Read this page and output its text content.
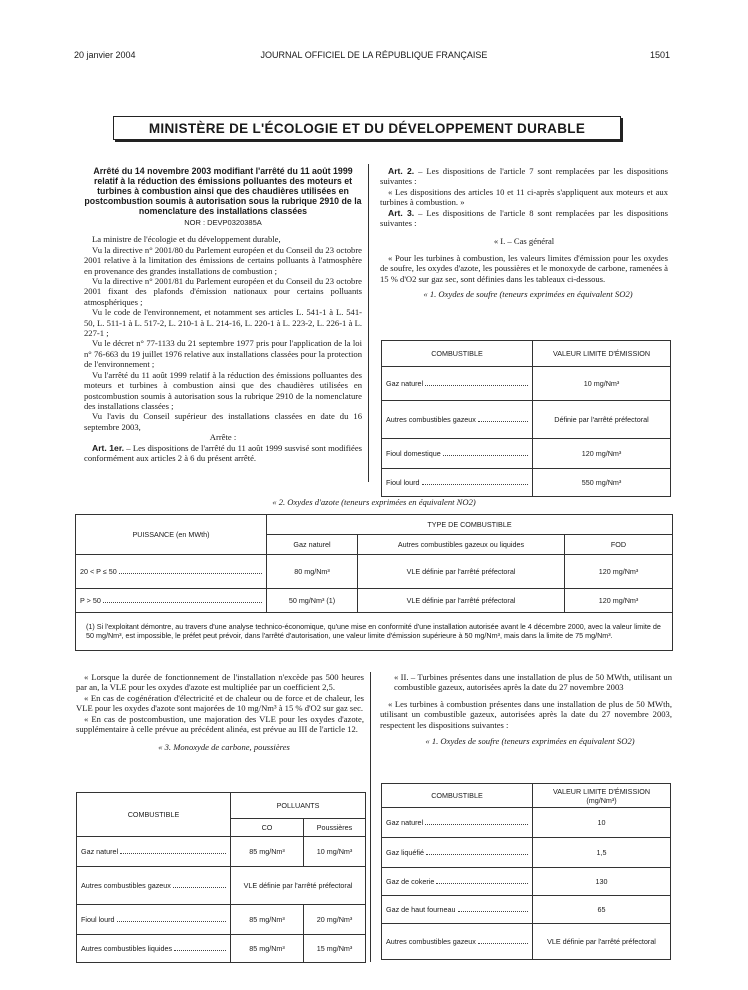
20 janvier 2004	JOURNAL OFFICIEL DE LA RÉPUBLIQUE FRANÇAISE	1501
MINISTÈRE DE L'ÉCOLOGIE ET DU DÉVELOPPEMENT DURABLE
Arrêté du 14 novembre 2003 modifiant l'arrêté du 11 août 1999 relatif à la réduction des émissions polluantes des moteurs et turbines à combustion ainsi que des chaudières utilisées en postcombustion soumis à autorisation sous la rubrique 2910 de la nomenclature des installations classées
NOR : DEVP0320385A

La ministre de l'écologie et du développement durable,

Vu la directive n° 2001/80 du Parlement européen et du Conseil du 23 octobre 2001 relative à la limitation des émissions de certains polluants à l'atmosphère en provenance des grandes installations de combustion ;

Vu la directive n° 2001/81 du Parlement européen et du Conseil du 23 octobre 2001 fixant des plafonds d'émission nationaux pour certains polluants atmosphériques ;

Vu le code de l'environnement, et notamment ses articles L. 541-1 à L. 541-50, L. 511-1 à L. 517-2, L. 210-1 à L. 214-16, L. 220-1 à L. 223-2, L. 226-1 à L. 227-1 ;

Vu le décret n° 77-1133 du 21 septembre 1977 pris pour l'application de la loi n° 76-663 du 19 juillet 1976 relative aux installations classées pour la protection de l'environnement ;

Vu l'arrêté du 11 août 1999 relatif à la réduction des émissions polluantes des moteurs et turbines à combustion ainsi que des chaudières utilisées en postcombustion soumis à autorisation sous la rubrique 2910 de la nomenclature des installations classées ;

Vu l'avis du Conseil supérieur des installations classées en date du 16 septembre 2003,

Arrête :

Art. 1er. – Les dispositions de l'arrêté du 11 août 1999 susvisé sont modifiées conformément aux articles 2 à 6 du présent arrêté.

Art. 2. – Les dispositions de l'article 7 sont remplacées par les dispositions suivantes :

« Les dispositions des articles 10 et 11 ci-après s'appliquent aux moteurs et aux turbines à combustion. »

Art. 3. – Les dispositions de l'article 8 sont remplacées par les dispositions suivantes :

« I. – Cas général

« Pour les turbines à combustion, les valeurs limites d'émission pour les oxydes de soufre, les oxydes d'azote, les poussières et le monoxyde de carbone, ramenées à 15 % d'O2 sur gaz sec, sont définies dans les tableaux ci-dessous.

« 1. Oxydes de soufre (teneurs exprimées en équivalent SO2)

COMBUSTIBLE	VALEUR LIMITE D'ÉMISSION

Gaz naturel	10 mg/Nm³

Autres combustibles gazeux	Définie par l'arrêté préfectoral

Fioul domestique	120 mg/Nm³

Fioul lourd	550 mg/Nm³
« 2. Oxydes d'azote (teneurs exprimées en équivalent NO2)
PUISSANCE (en MWth)	TYPE DE COMBUSTIBLE		
	Gaz naturel	Autres combustibles gazeux ou liquides	FOD

20 < P ≤ 50	80 mg/Nm³	VLE définie par l'arrêté préfectoral	120 mg/Nm³

P > 50	50 mg/Nm³ (1)	VLE définie par l'arrêté préfectoral	120 mg/Nm³
(1) Si l'exploitant démontre, au travers d'une analyse technico-économique, qu'une mise en conformité d'une installation autorisée avant le 4 décembre 2000, avec la valeur limite de 50 mg/Nm³, est impossible, le préfet peut prévoir, dans l'arrêté d'autorisation, une valeur limite d'émission supérieure à 50 mg/Nm³, mais dans la limite de 75 mg/Nm³.			

« Lorsque la durée de fonctionnement de l'installation n'excède pas 500 heures par an, la VLE pour les oxydes d'azote est multipliée par un coefficient 2,5.

« En cas de cogénération d'électricité et de chaleur ou de force et de chaleur, les VLE pour les oxydes d'azote sont majorées de 10 mg/Nm³ à 15 % d'O2 sur gaz sec.

« En cas de postcombustion, une majoration des VLE pour les oxydes d'azote, supplémentaire à celle prévue au précédent alinéa, est prévue au III de l'article 12.

« 3. Monoxyde de carbone, poussières

COMBUSTIBLE	POLLUANTS	
	CO	Poussières

Gaz naturel	85 mg/Nm³	10 mg/Nm³

Autres combustibles gazeux	VLE définie par l'arrêté préfectoral	

Fioul lourd	85 mg/Nm³	20 mg/Nm³

Autres combustibles liquides	85 mg/Nm³	15 mg/Nm³

« II. – Turbines présentes dans une installation de plus de 50 MWth, utilisant un combustible gazeux, autorisées après la date du 27 novembre 2003

« Les turbines à combustion présentes dans une installation de plus de 50 MWth, utilisant un combustible gazeux, autorisées après la date du 27 novembre 2003, respectent les dispositions suivantes :

« 1. Oxydes de soufre (teneurs exprimées en équivalent SO2)

COMBUSTIBLE	VALEUR LIMITE D'ÉMISSION (mg/Nm³)

Gaz naturel	10

Gaz liquéfié	1,5

Gaz de cokerie	130

Gaz de haut fourneau	65

Autres combustibles gazeux	VLE définie par l'arrêté préfectoral
